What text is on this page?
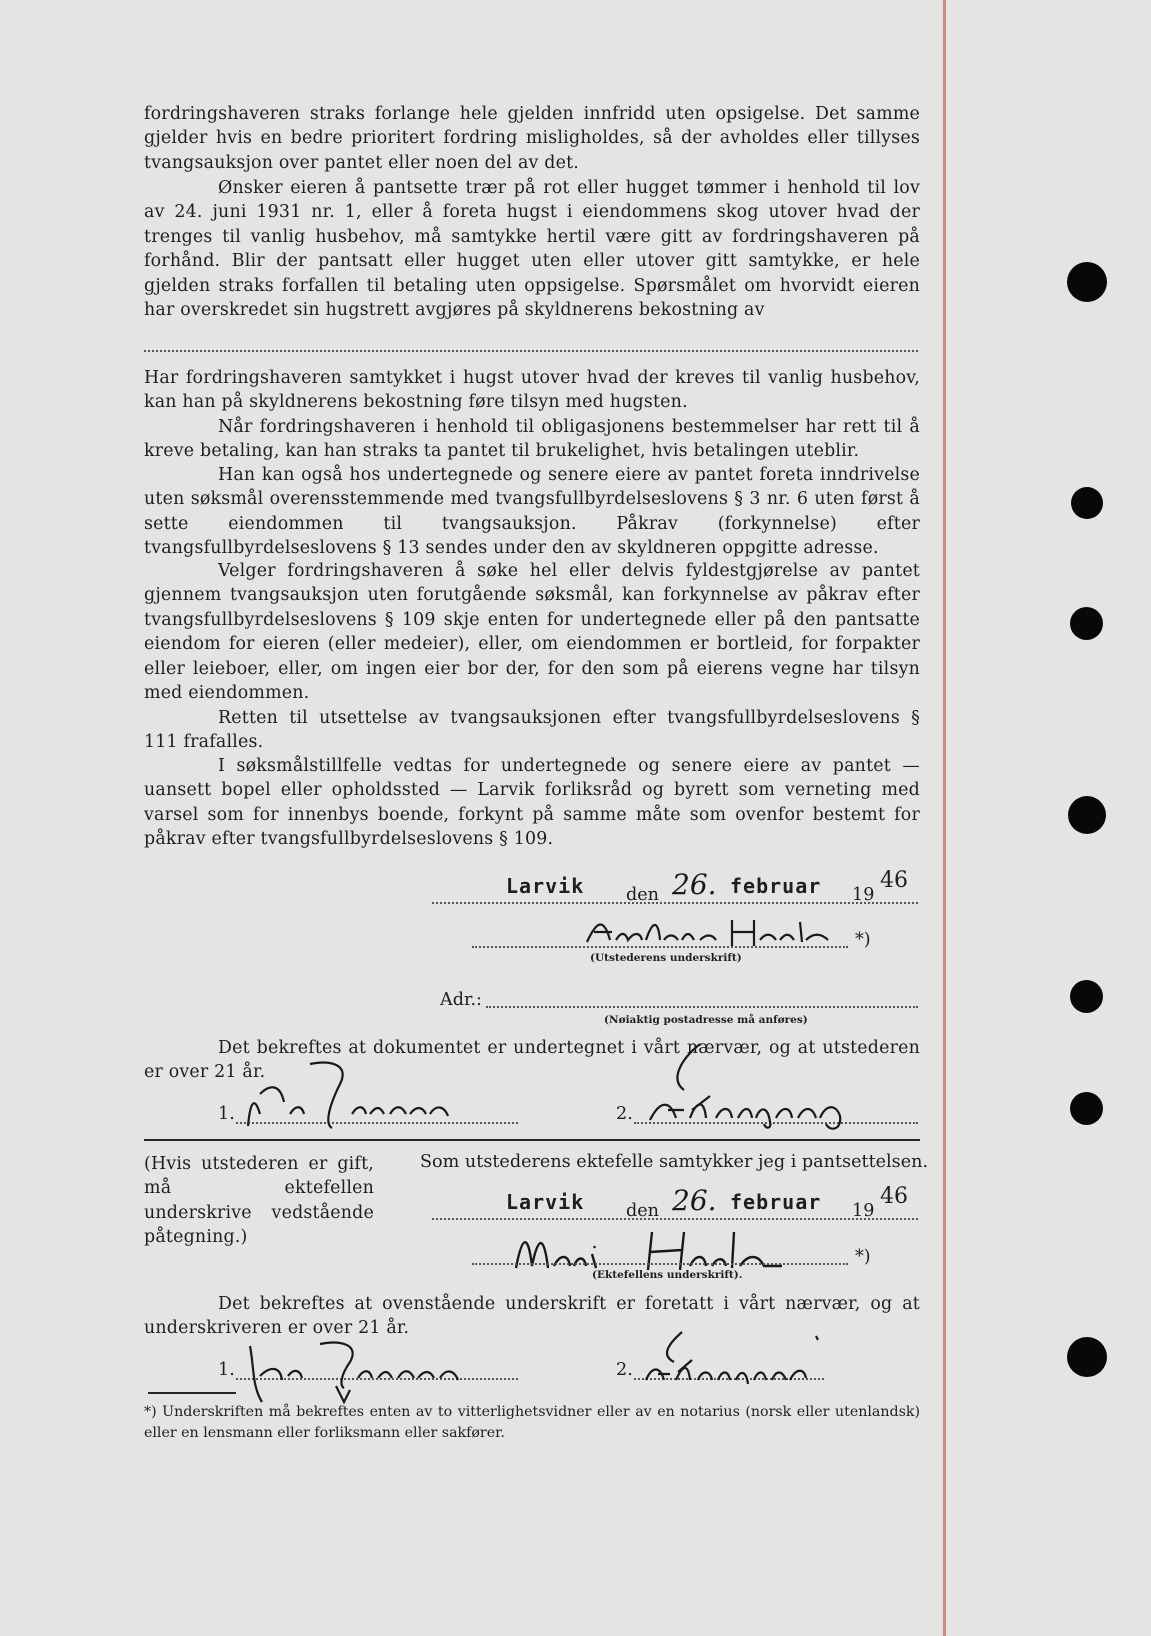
fordringshaveren straks forlange hele gjelden innfridd uten opsigelse. Det samme gjelder hvis en bedre prioritert fordring misligholdes, så der avholdes eller tillyses tvangsauksjon over pantet eller noen del av det.

Ønsker eieren å pantsette trær på rot eller hugget tømmer i henhold til lov av 24. juni 1931 nr. 1, eller å foreta hugst i eiendommens skog utover hvad der trenges til vanlig husbehov, må samtykke hertil være gitt av fordringshaveren på forhånd. Blir der pantsatt eller hugget uten eller utover gitt samtykke, er hele gjelden straks forfallen til betaling uten oppsigelse. Spørsmålet om hvorvidt eieren har overskredet sin hugstrett avgjøres på skyldnerens bekostning av

Har fordringshaveren samtykket i hugst utover hvad der kreves til vanlig husbehov, kan han på skyldnerens bekostning føre tilsyn med hugsten.

Når fordringshaveren i henhold til obligasjonens bestemmelser har rett til å kreve betaling, kan han straks ta pantet til brukelighet, hvis betalingen uteblir.

Han kan også hos undertegnede og senere eiere av pantet foreta inndrivelse uten søksmål overensstemmende med tvangsfullbyrdelseslovens § 3 nr. 6 uten først å sette eiendommen til tvangsauksjon. Påkrav (forkynnelse) efter tvangsfullbyrdelseslovens § 13 sendes under den av skyldneren oppgitte adresse.

Velger fordringshaveren å søke hel eller delvis fyldestgjørelse av pantet gjennem tvangsauksjon uten forutgående søksmål, kan forkynnelse av påkrav efter tvangsfullbyrdelseslovens § 109 skje enten for undertegnede eller på den pantsatte eiendom for eieren (eller medeier), eller, om eiendommen er bortleid, for forpakter eller leieboer, eller, om ingen eier bor der, for den som på eierens vegne har tilsyn med eiendommen.

Retten til utsettelse av tvangsauksjonen efter tvangsfullbyrdelseslovens § 111 frafalles.

I søksmålstillfelle vedtas for undertegnede og senere eiere av pantet — uansett bopel eller opholdssted — Larvik forliksråd og byrett som verneting med varsel som for innenbys boende, forkynt på samme måte som ovenfor bestemt for påkrav efter tvangsfullbyrdelseslovens § 109.

Larvik den 26. februar 19
46
*)
(Utstederens underskrift)
Adr.:
(Nøiaktig postadresse må anføres)

Det bekreftes at dokumentet er undertegnet i vårt nærvær, og at utstederen er over 21 år.

1.	2.

(Hvis utstederen er gift, må ektefellen underskrive vedstående påtegning.)

Som utstederens ektefelle samtykker jeg i pantsettelsen.
Larvik den 26. februar 19
46
*)
(Ektefellens underskrift).

Det bekreftes at ovenstående underskrift er foretatt i vårt nærvær, og at underskriveren er over 21 år.

1.	2.

*) Underskriften må bekreftes enten av to vitterlighetsvidner eller av en notarius (norsk eller utenlandsk) eller en lensmann eller forliksmann eller sakfører.
